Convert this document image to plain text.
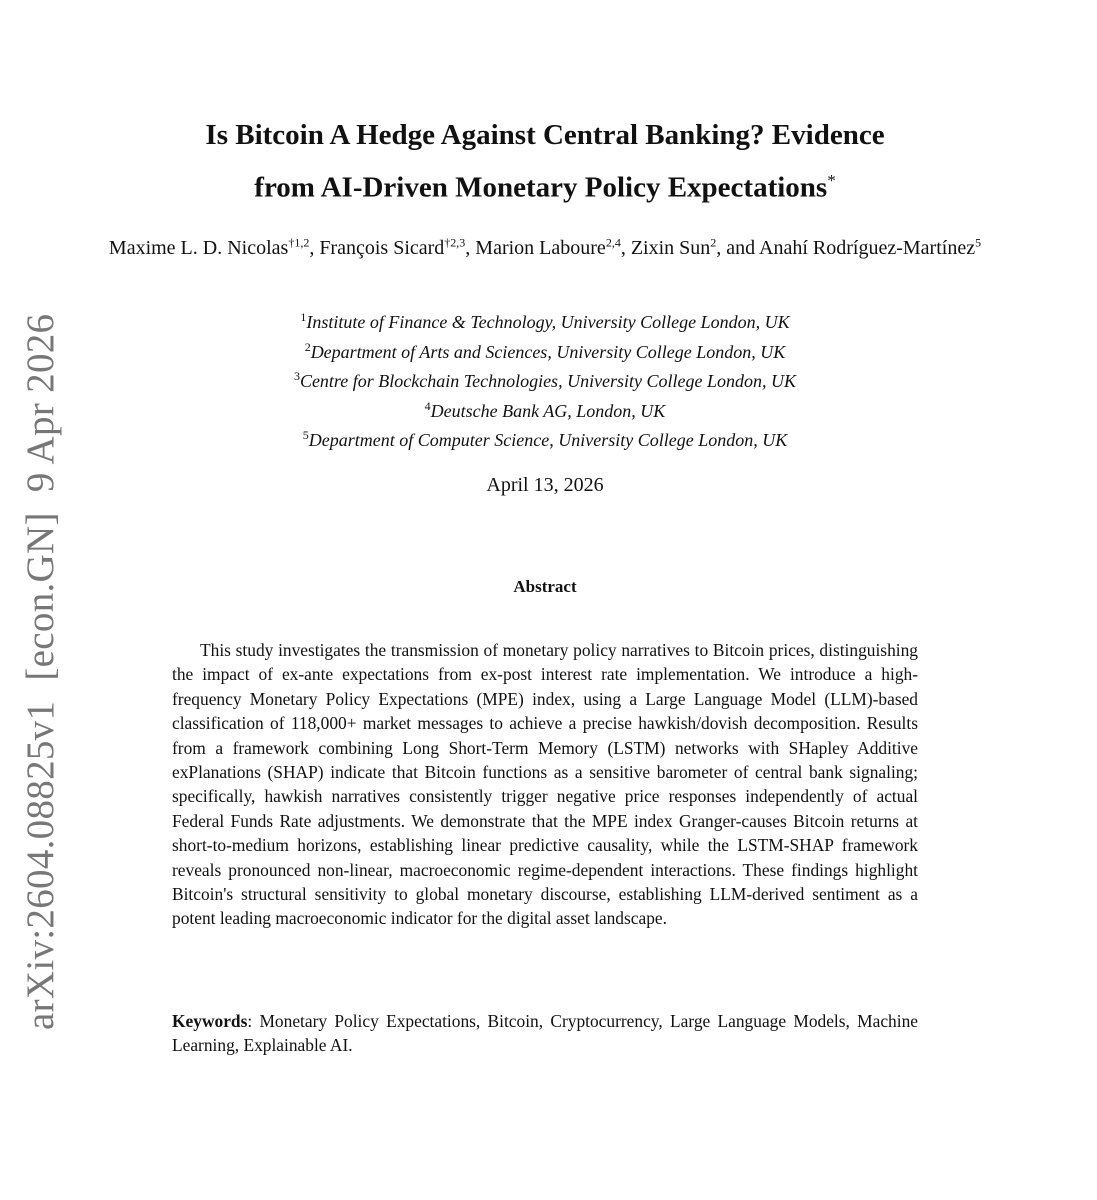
arXiv:2604.08825v1  [econ.GN]  9 Apr 2026
Is Bitcoin A Hedge Against Central Banking? Evidence
from AI-Driven Monetary Policy Expectations*
Maxime L. D. Nicolas$^{\dagger 1,2}$, François Sicard$^{\dagger 2,3}$, Marion Laboure$^{2,4}$, Zixin Sun$^2$, and Anahí Rodríguez-Martínez$^5$
$^1$Institute of Finance & Technology, University College London, UK
$^2$Department of Arts and Sciences, University College London, UK
$^3$Centre for Blockchain Technologies, University College London, UK
$^4$Deutsche Bank AG, London, UK
$^5$Department of Computer Science, University College London, UK
April 13, 2026
Abstract
This study investigates the transmission of monetary policy narratives to Bitcoin prices, distinguishing the impact of ex-ante expectations from ex-post interest rate implementation. We introduce a high-frequency Monetary Policy Expectations (MPE) index, using a Large Language Model (LLM)-based classification of 118,000+ market messages to achieve a precise hawkish/dovish decomposition. Results from a framework combining Long Short-Term Memory (LSTM) networks with SHapley Additive exPlanations (SHAP) indicate that Bitcoin functions as a sensitive barometer of central bank signaling; specifically, hawkish narratives consistently trigger negative price responses independently of actual Federal Funds Rate adjustments. We demonstrate that the MPE index Granger-causes Bitcoin returns at short-to-medium horizons, establishing linear predictive causality, while the LSTM-SHAP framework reveals pronounced non-linear, macroeconomic regime-dependent interactions. These findings highlight Bitcoin's structural sensitivity to global monetary discourse, establishing LLM-derived sentiment as a potent leading macroeconomic indicator for the digital asset landscape.
Keywords: Monetary Policy Expectations, Bitcoin, Cryptocurrency, Large Language Models, Machine Learning, Explainable AI.
